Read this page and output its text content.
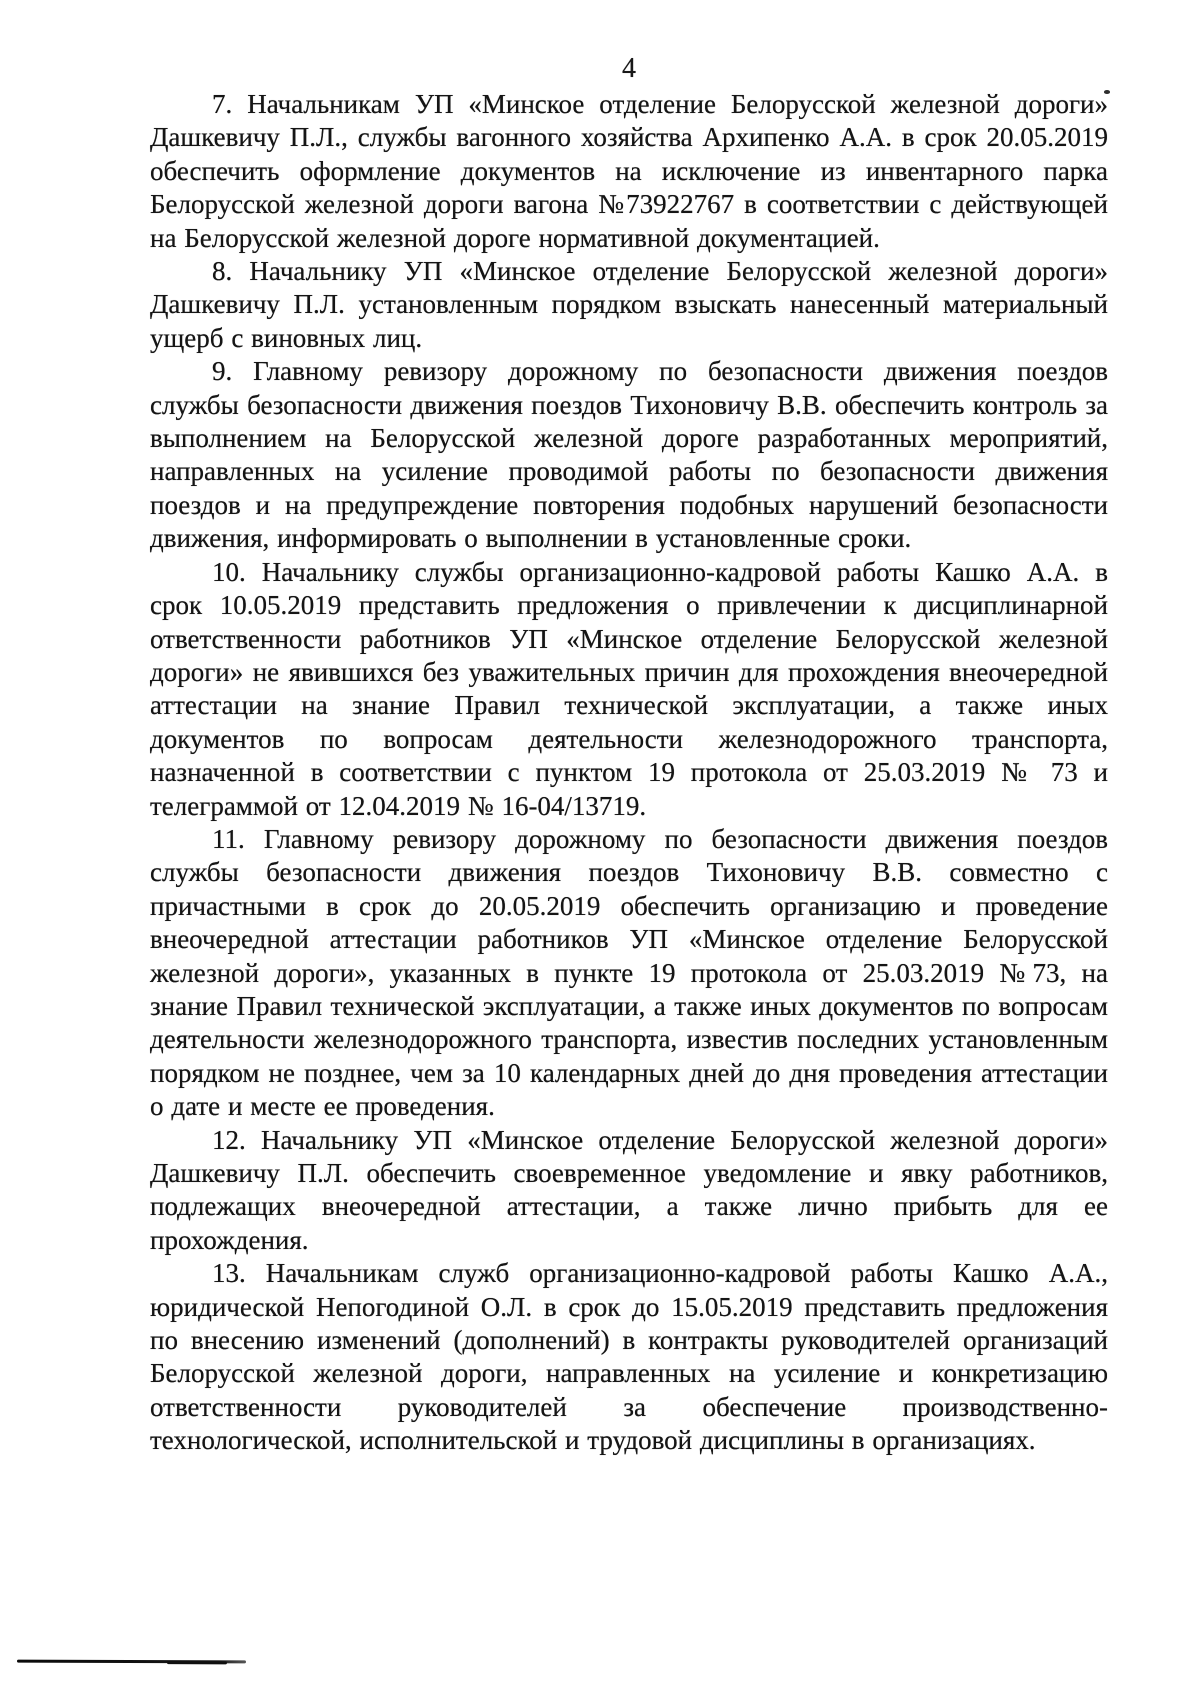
4

7. Начальникам УП «Минское отделение Белорусской железной дороги» Дашкевичу П.Л., службы вагонного хозяйства Архипенко А.А. в срок 20.05.2019 обеспечить оформление документов на исключение из инвентарного парка Белорусской железной дороги вагона №73922767 в соответствии с действующей на Белорусской железной дороге нормативной документацией.

8. Начальнику УП «Минское отделение Белорусской железной дороги» Дашкевичу П.Л. установленным порядком взыскать нанесенный материальный ущерб с виновных лиц.

9. Главному ревизору дорожному по безопасности движения поездов службы безопасности движения поездов Тихоновичу В.В. обеспечить контроль за выполнением на Белорусской железной дороге разработанных мероприятий, направленных на усиление проводимой работы по безопасности движения поездов и на предупреждение повторения подобных нарушений безопасности движения, информировать о выполнении в установленные сроки.

10. Начальнику службы организационно-кадровой работы Кашко А.А. в срок 10.05.2019 представить предложения о привлечении к дисциплинарной ответственности работников УП «Минское отделение Белорусской железной дороги» не явившихся без уважительных причин для прохождения внеочередной аттестации на знание Правил технической эксплуатации, а также иных документов по вопросам деятельности железнодорожного транспорта, назначенной в соответствии с пунктом 19 протокола от 25.03.2019 № 73 и телеграммой от 12.04.2019 № 16-04/13719.

11. Главному ревизору дорожному по безопасности движения поездов службы безопасности движения поездов Тихоновичу В.В. совместно с причастными в срок до 20.05.2019 обеспечить организацию и проведение внеочередной аттестации работников УП «Минское отделение Белорусской железной дороги», указанных в пункте 19 протокола от 25.03.2019 №73, на знание Правил технической эксплуатации, а также иных документов по вопросам деятельности железнодорожного транспорта, известив последних установленным порядком не позднее, чем за 10 календарных дней до дня проведения аттестации о дате и месте ее проведения.

12. Начальнику УП «Минское отделение Белорусской железной дороги» Дашкевичу П.Л. обеспечить своевременное уведомление и явку работников, подлежащих внеочередной аттестации, а также лично прибыть для ее прохождения.

13. Начальникам служб организационно-кадровой работы Кашко А.А., юридической Непогодиной О.Л. в срок до 15.05.2019 представить предложения по внесению изменений (дополнений) в контракты руководителей организаций Белорусской железной дороги, направленных на усиление и конкретизацию ответственности руководителей за обеспечение производственно-технологической, исполнительской и трудовой дисциплины в организациях.
